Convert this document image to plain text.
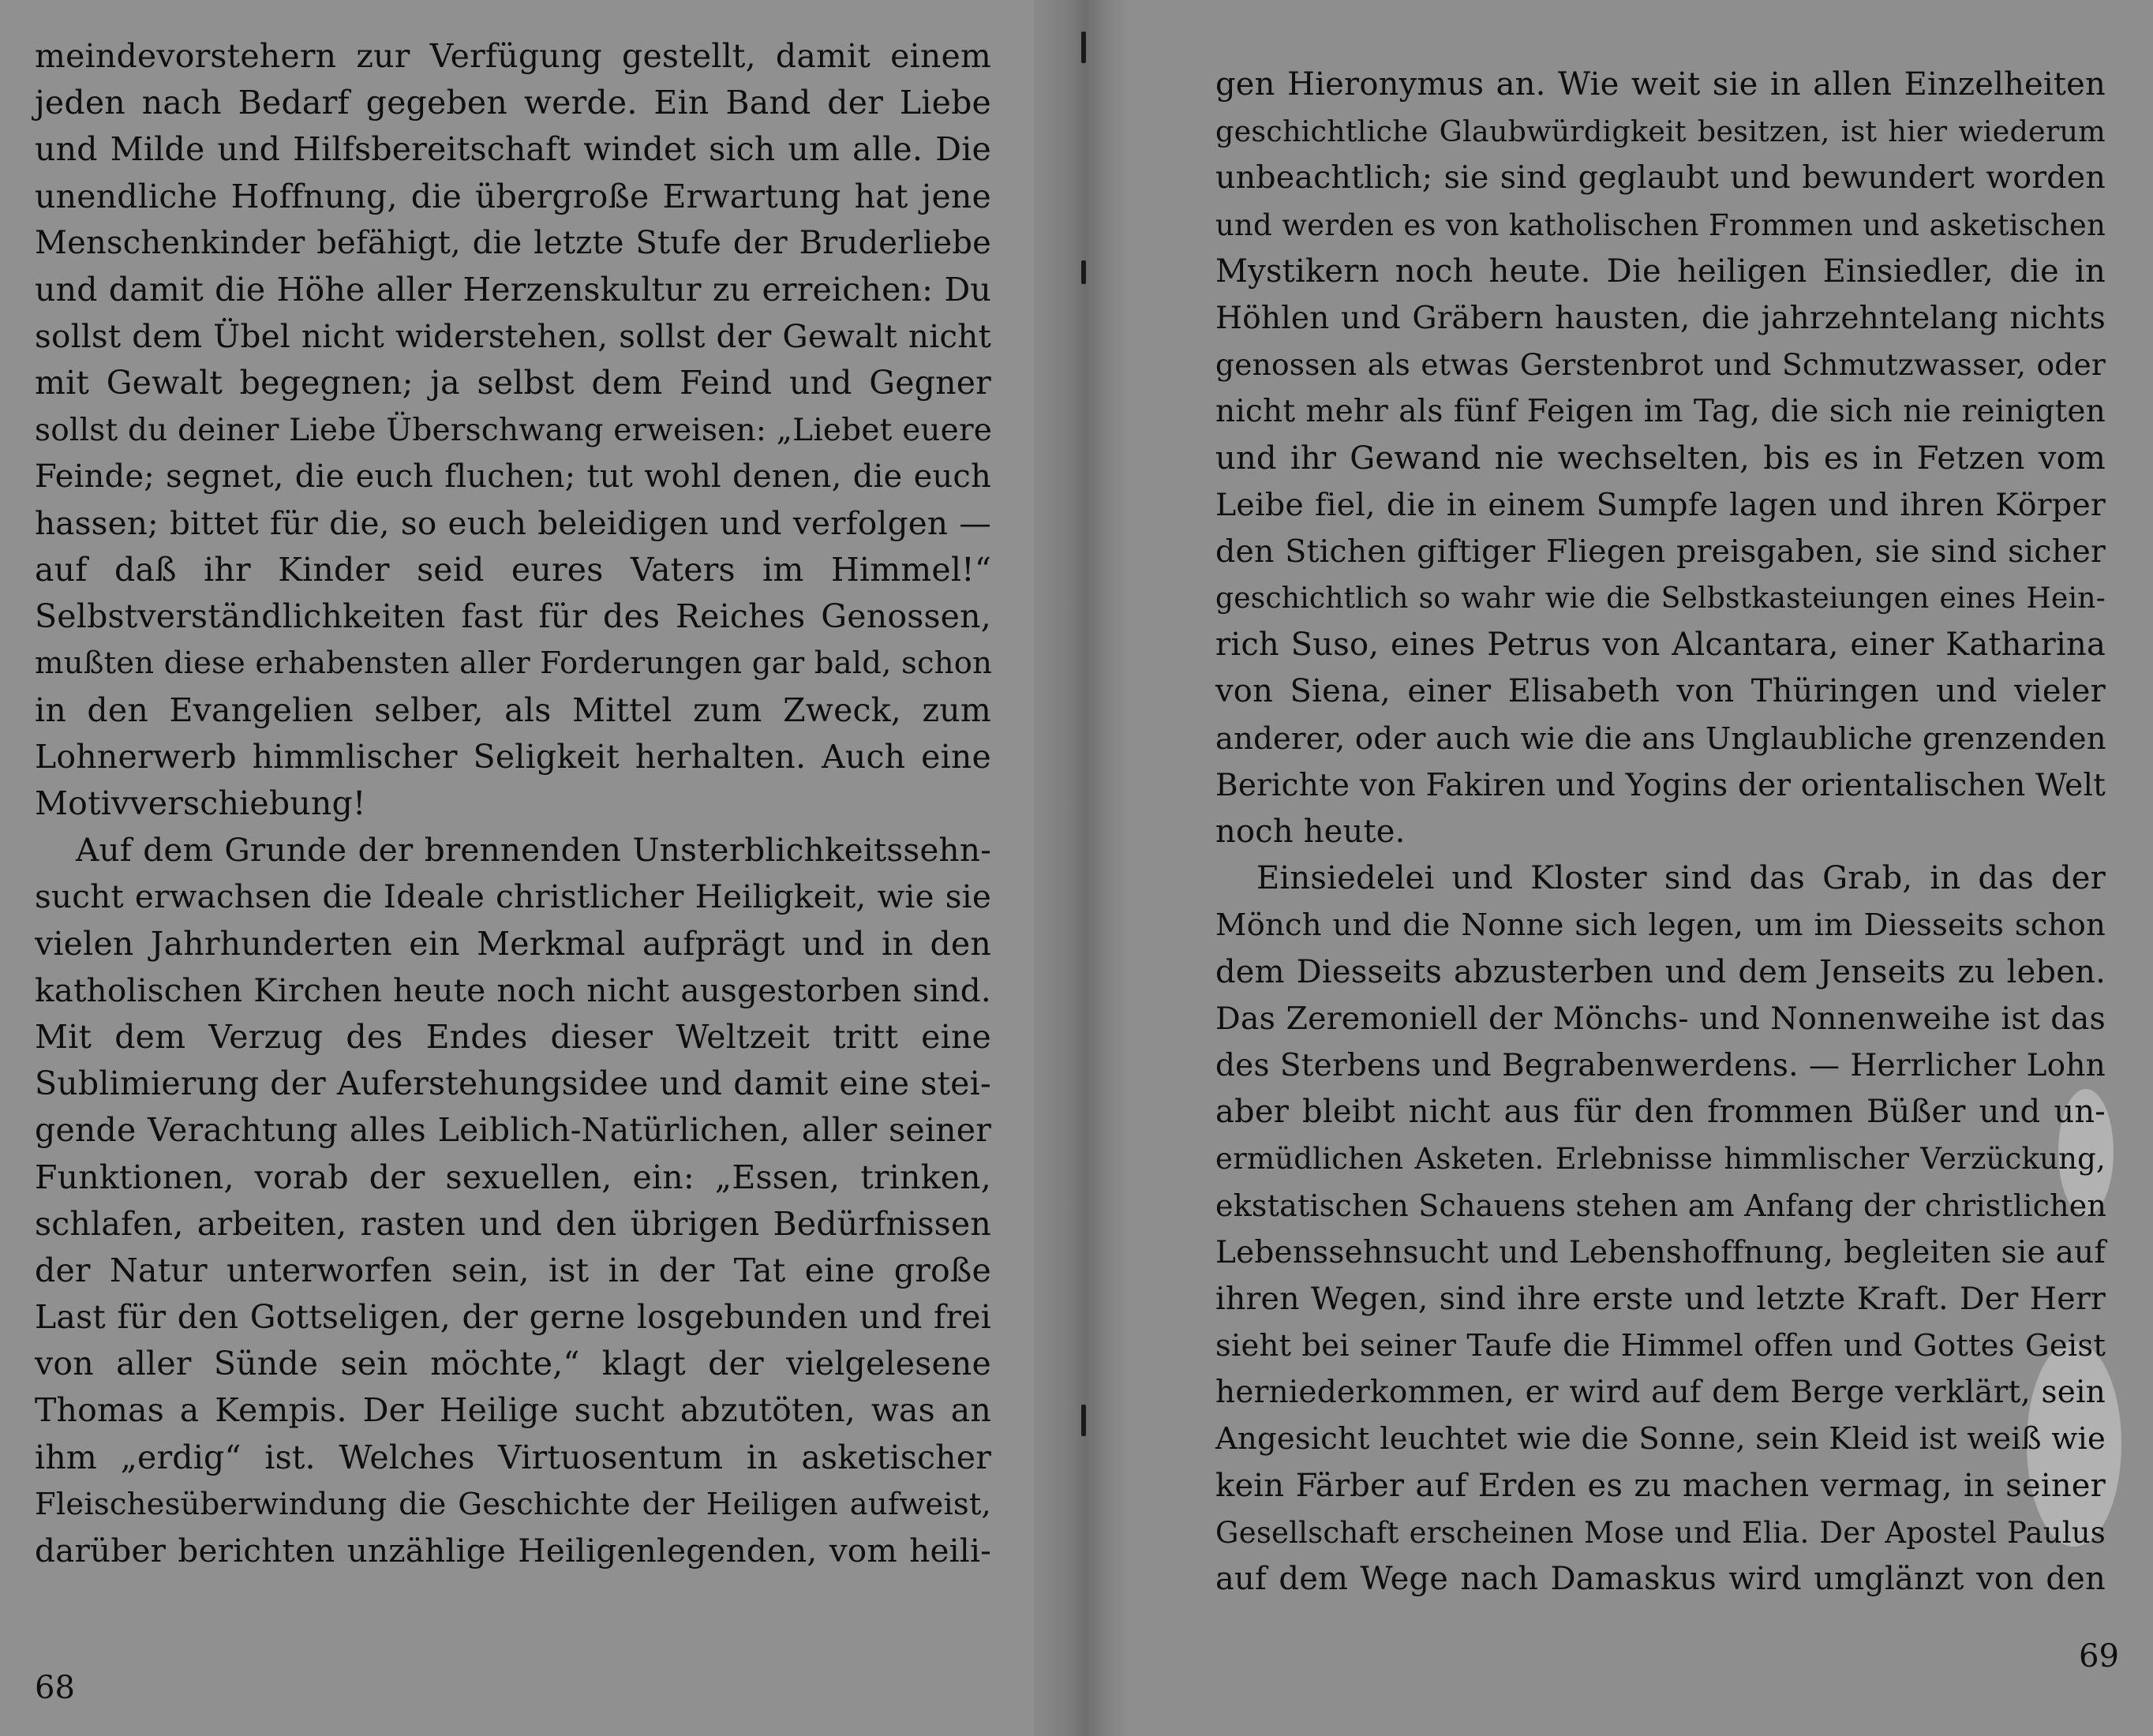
meindevorstehern zur Verfügung gestellt, damit einem
jeden nach Bedarf gegeben werde. Ein Band der Liebe
und Milde und Hilfsbereitschaft windet sich um alle. Die
unendliche Hoffnung, die übergroße Erwartung hat jene
Menschenkinder befähigt, die letzte Stufe der Bruderliebe
und damit die Höhe aller Herzenskultur zu erreichen: Du
sollst dem Übel nicht widerstehen, sollst der Gewalt nicht
mit Gewalt begegnen; ja selbst dem Feind und Gegner
sollst du deiner Liebe Überschwang erweisen: „Liebet euere
Feinde; segnet, die euch fluchen; tut wohl denen, die euch
hassen; bittet für die, so euch beleidigen und verfolgen —
auf daß ihr Kinder seid eures Vaters im Himmel!“
Selbstverständlichkeiten fast für des Reiches Genossen,
mußten diese erhabensten aller Forderungen gar bald, schon
in den Evangelien selber, als Mittel zum Zweck, zum
Lohnerwerb himmlischer Seligkeit herhalten. Auch eine
Motivverschiebung!
Auf dem Grunde der brennenden Unsterblichkeitssehn-
sucht erwachsen die Ideale christlicher Heiligkeit, wie sie
vielen Jahrhunderten ein Merkmal aufprägt und in den
katholischen Kirchen heute noch nicht ausgestorben sind.
Mit dem Verzug des Endes dieser Weltzeit tritt eine
Sublimierung der Auferstehungsidee und damit eine stei-
gende Verachtung alles Leiblich-Natürlichen, aller seiner
Funktionen, vorab der sexuellen, ein: „Essen, trinken,
schlafen, arbeiten, rasten und den übrigen Bedürfnissen
der Natur unterworfen sein, ist in der Tat eine große
Last für den Gottseligen, der gerne losgebunden und frei
von aller Sünde sein möchte,“ klagt der vielgelesene
Thomas a Kempis. Der Heilige sucht abzutöten, was an
ihm „erdig“ ist. Welches Virtuosentum in asketischer
Fleischesüberwindung die Geschichte der Heiligen aufweist,
darüber berichten unzählige Heiligenlegenden, vom heili-
68
gen Hieronymus an. Wie weit sie in allen Einzelheiten
geschichtliche Glaubwürdigkeit besitzen, ist hier wiederum
unbeachtlich; sie sind geglaubt und bewundert worden
und werden es von katholischen Frommen und asketischen
Mystikern noch heute. Die heiligen Einsiedler, die in
Höhlen und Gräbern hausten, die jahrzehntelang nichts
genossen als etwas Gerstenbrot und Schmutzwasser, oder
nicht mehr als fünf Feigen im Tag, die sich nie reinigten
und ihr Gewand nie wechselten, bis es in Fetzen vom
Leibe fiel, die in einem Sumpfe lagen und ihren Körper
den Stichen giftiger Fliegen preisgaben, sie sind sicher
geschichtlich so wahr wie die Selbstkasteiungen eines Hein-
rich Suso, eines Petrus von Alcantara, einer Katharina
von Siena, einer Elisabeth von Thüringen und vieler
anderer, oder auch wie die ans Unglaubliche grenzenden
Berichte von Fakiren und Yogins der orientalischen Welt
noch heute.
Einsiedelei und Kloster sind das Grab, in das der
Mönch und die Nonne sich legen, um im Diesseits schon
dem Diesseits abzusterben und dem Jenseits zu leben.
Das Zeremoniell der Mönchs- und Nonnenweihe ist das
des Sterbens und Begrabenwerdens. — Herrlicher Lohn
aber bleibt nicht aus für den frommen Büßer und un-
ermüdlichen Asketen. Erlebnisse himmlischer Verzückung,
ekstatischen Schauens stehen am Anfang der christlichen
Lebenssehnsucht und Lebenshoffnung, begleiten sie auf
ihren Wegen, sind ihre erste und letzte Kraft. Der Herr
sieht bei seiner Taufe die Himmel offen und Gottes Geist
herniederkommen, er wird auf dem Berge verklärt, sein
Angesicht leuchtet wie die Sonne, sein Kleid ist weiß wie
kein Färber auf Erden es zu machen vermag, in seiner
Gesellschaft erscheinen Mose und Elia. Der Apostel Paulus
auf dem Wege nach Damaskus wird umglänzt von den
69
